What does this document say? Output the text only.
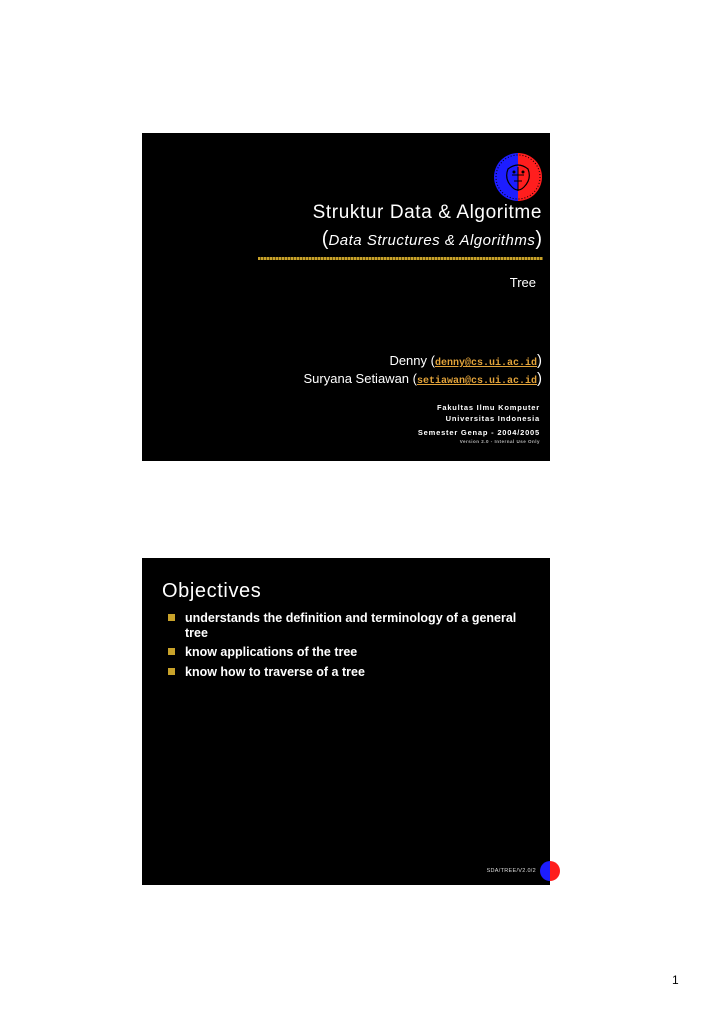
Struktur Data & Algoritme
(Data Structures & Algorithms)
Tree
Denny (denny@cs.ui.ac.id)
Suryana Setiawan (setiawan@cs.ui.ac.id)
Fakultas Ilmu Komputer
Universitas Indonesia
Semester Genap - 2004/2005
Version 2.0 - Internal Use Only
Objectives
understands the definition and terminology of a general tree
know applications of the tree
know how to traverse of a tree
SDA/TREE/V2.0/2
1
